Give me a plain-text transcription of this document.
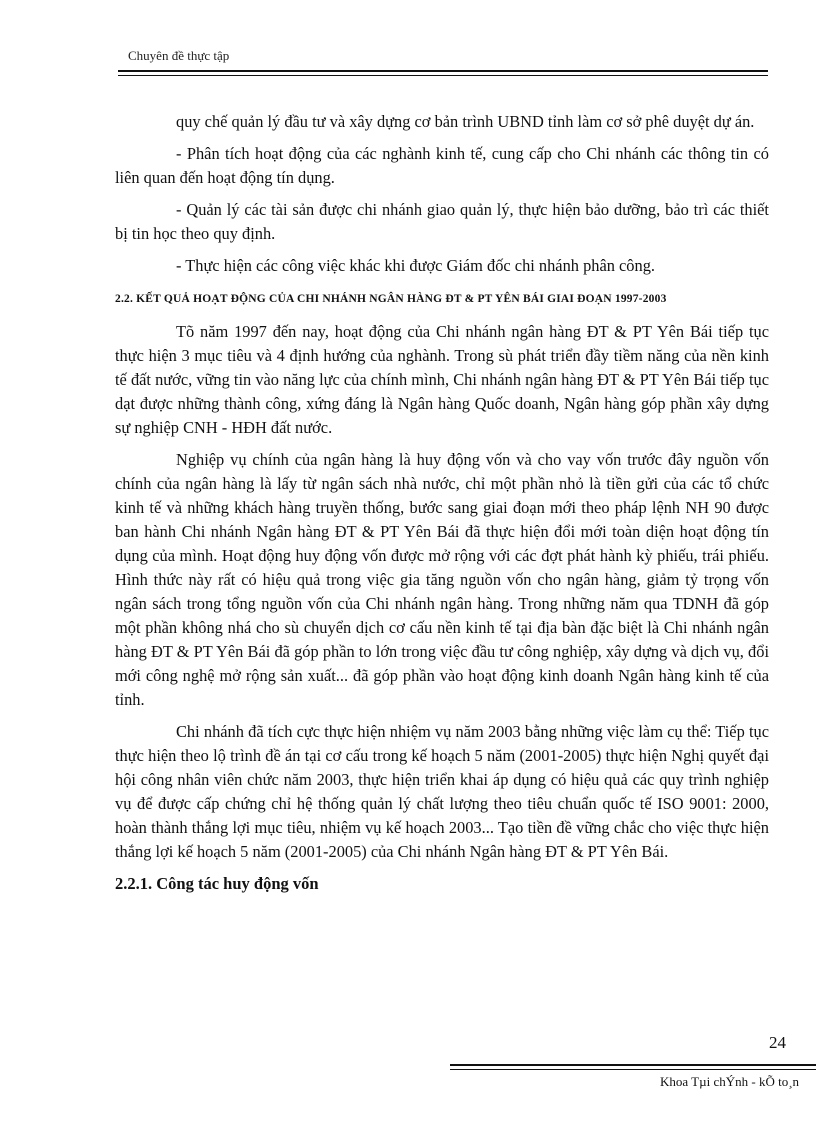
Chuyên đề thực tập

quy chế quản lý đầu tư và xây dựng cơ bản trình UBND tỉnh làm cơ sở phê duyệt dự án.

- Phân tích hoạt động của các nghành kinh tế, cung cấp cho Chi nhánh các thông tin có liên quan đến hoạt động tín dụng.

- Quản lý các tài sản được chi nhánh giao quản lý, thực hiện bảo dưỡng, bảo trì các thiết bị tin học theo quy định.

- Thực hiện các công việc khác khi được Giám đốc chi nhánh phân công.

2.2. KẾT QUẢ HOẠT ĐỘNG CỦA CHI NHÁNH NGÂN HÀNG ĐT & PT YÊN BÁI GIAI ĐOẠN 1997-2003

Tõ năm 1997 đến nay, hoạt động của Chi nhánh ngân hàng ĐT & PT Yên Bái tiếp tục thực hiện 3 mục tiêu và 4 định hướng của nghành. Trong sù phát triển đầy tiềm năng của nền kinh tế đất nước, vững tin vào năng lực của chính mình, Chi nhánh ngân hàng ĐT & PT Yên Bái tiếp tục dạt được những thành công, xứng đáng là Ngân hàng Quốc doanh, Ngân hàng góp phần xây dựng sự nghiệp CNH - HĐH đất nước.

Nghiệp vụ chính của ngân hàng là huy động vốn và cho vay vốn trước đây nguồn vốn chính của ngân hàng là lấy từ ngân sách nhà nước, chỉ một phần nhỏ là tiền gửi của các tổ chức kinh tế và những khách hàng truyền thống, bước sang giai đoạn mới theo pháp lệnh NH 90 được ban hành Chi nhánh Ngân hàng ĐT & PT Yên Bái đã thực hiện đổi mới toàn diện hoạt động tín dụng của mình. Hoạt động huy động vốn được mở rộng với các đợt phát hành kỳ phiếu, trái phiếu. Hình thức này rất có hiệu quả trong việc gia tăng nguồn vốn cho ngân hàng, giảm tỷ trọng vốn ngân sách trong tổng nguồn vốn của Chi nhánh ngân hàng. Trong những năm qua TDNH đã góp một phần không nhá cho sù chuyển dịch cơ cấu nền kinh tế tại địa bàn đặc biệt là Chi nhánh ngân hàng ĐT & PT Yên Bái đã góp phần to lớn trong việc đầu tư công nghiệp, xây dựng và dịch vụ, đổi mới công nghệ mở rộng sản xuất... đã góp phần vào hoạt động kinh doanh Ngân hàng kinh tế của tỉnh.

Chi nhánh đã tích cực thực hiện nhiệm vụ năm 2003 bằng những việc làm cụ thể: Tiếp tục thực hiện theo lộ trình đề án tại cơ cấu trong kế hoạch 5 năm (2001-2005) thực hiện Nghị quyết đại hội công nhân viên chức năm 2003, thực hiện triển khai áp dụng có hiệu quả các quy trình nghiệp vụ để được cấp chứng chỉ hệ thống quản lý chất lượng theo tiêu chuẩn quốc tế ISO 9001: 2000, hoàn thành thắng lợi mục tiêu, nhiệm vụ kế hoạch 2003... Tạo tiền đề vững chắc cho việc thực hiện thắng lợi kế hoạch 5 năm (2001-2005) của Chi nhánh Ngân hàng ĐT & PT Yên Bái.

2.2.1. Công tác huy động vốn
24
Khoa Tµi chÝnh - kÕ to¸n
